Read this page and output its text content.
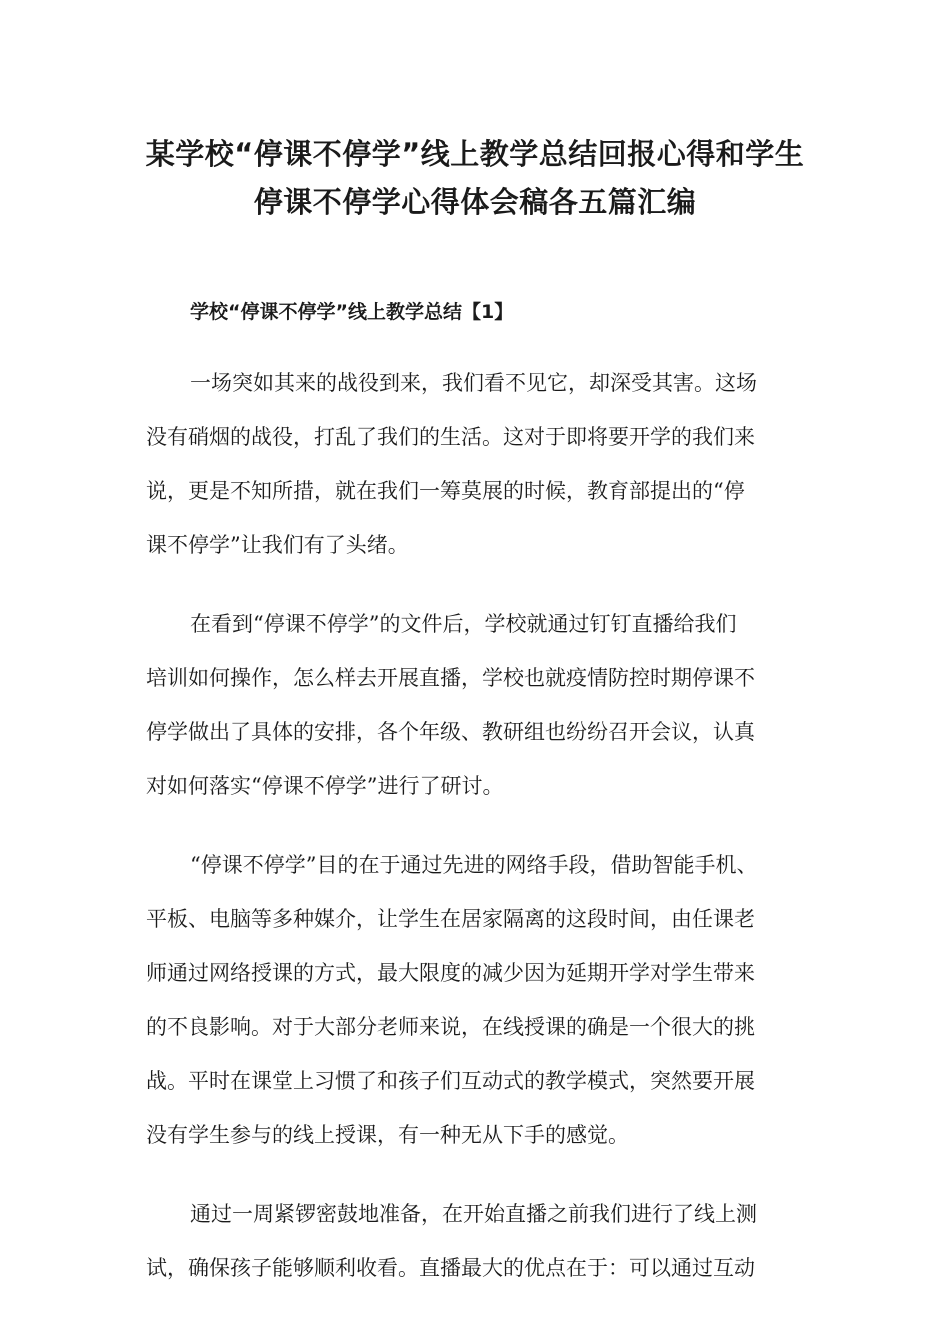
某学校“停课不停学”线上教学总结回报心得和学生
停课不停学心得体会稿各五篇汇编
学校“停课不停学”线上教学总结【1】

一场突如其来的战役到来，我们看不见它，却深受其害。这场
没有硝烟的战役，打乱了我们的生活。这对于即将要开学的我们来
说，更是不知所措，就在我们一筹莫展的时候，教育部提出的“停
课不停学”让我们有了头绪。

在看到“停课不停学”的文件后，学校就通过钉钉直播给我们
培训如何操作，怎么样去开展直播，学校也就疫情防控时期停课不
停学做出了具体的安排，各个年级、教研组也纷纷召开会议，认真
对如何落实“停课不停学”进行了研讨。

“停课不停学”目的在于通过先进的网络手段，借助智能手机、
平板、电脑等多种媒介，让学生在居家隔离的这段时间，由任课老
师通过网络授课的方式，最大限度的减少因为延期开学对学生带来
的不良影响。对于大部分老师来说，在线授课的确是一个很大的挑
战。平时在课堂上习惯了和孩子们互动式的教学模式，突然要开展
没有学生参与的线上授课，有一种无从下手的感觉。

通过一周紧锣密鼓地准备，在开始直播之前我们进行了线上测
试，确保孩子能够顺利收看。直播最大的优点在于：可以通过互动
